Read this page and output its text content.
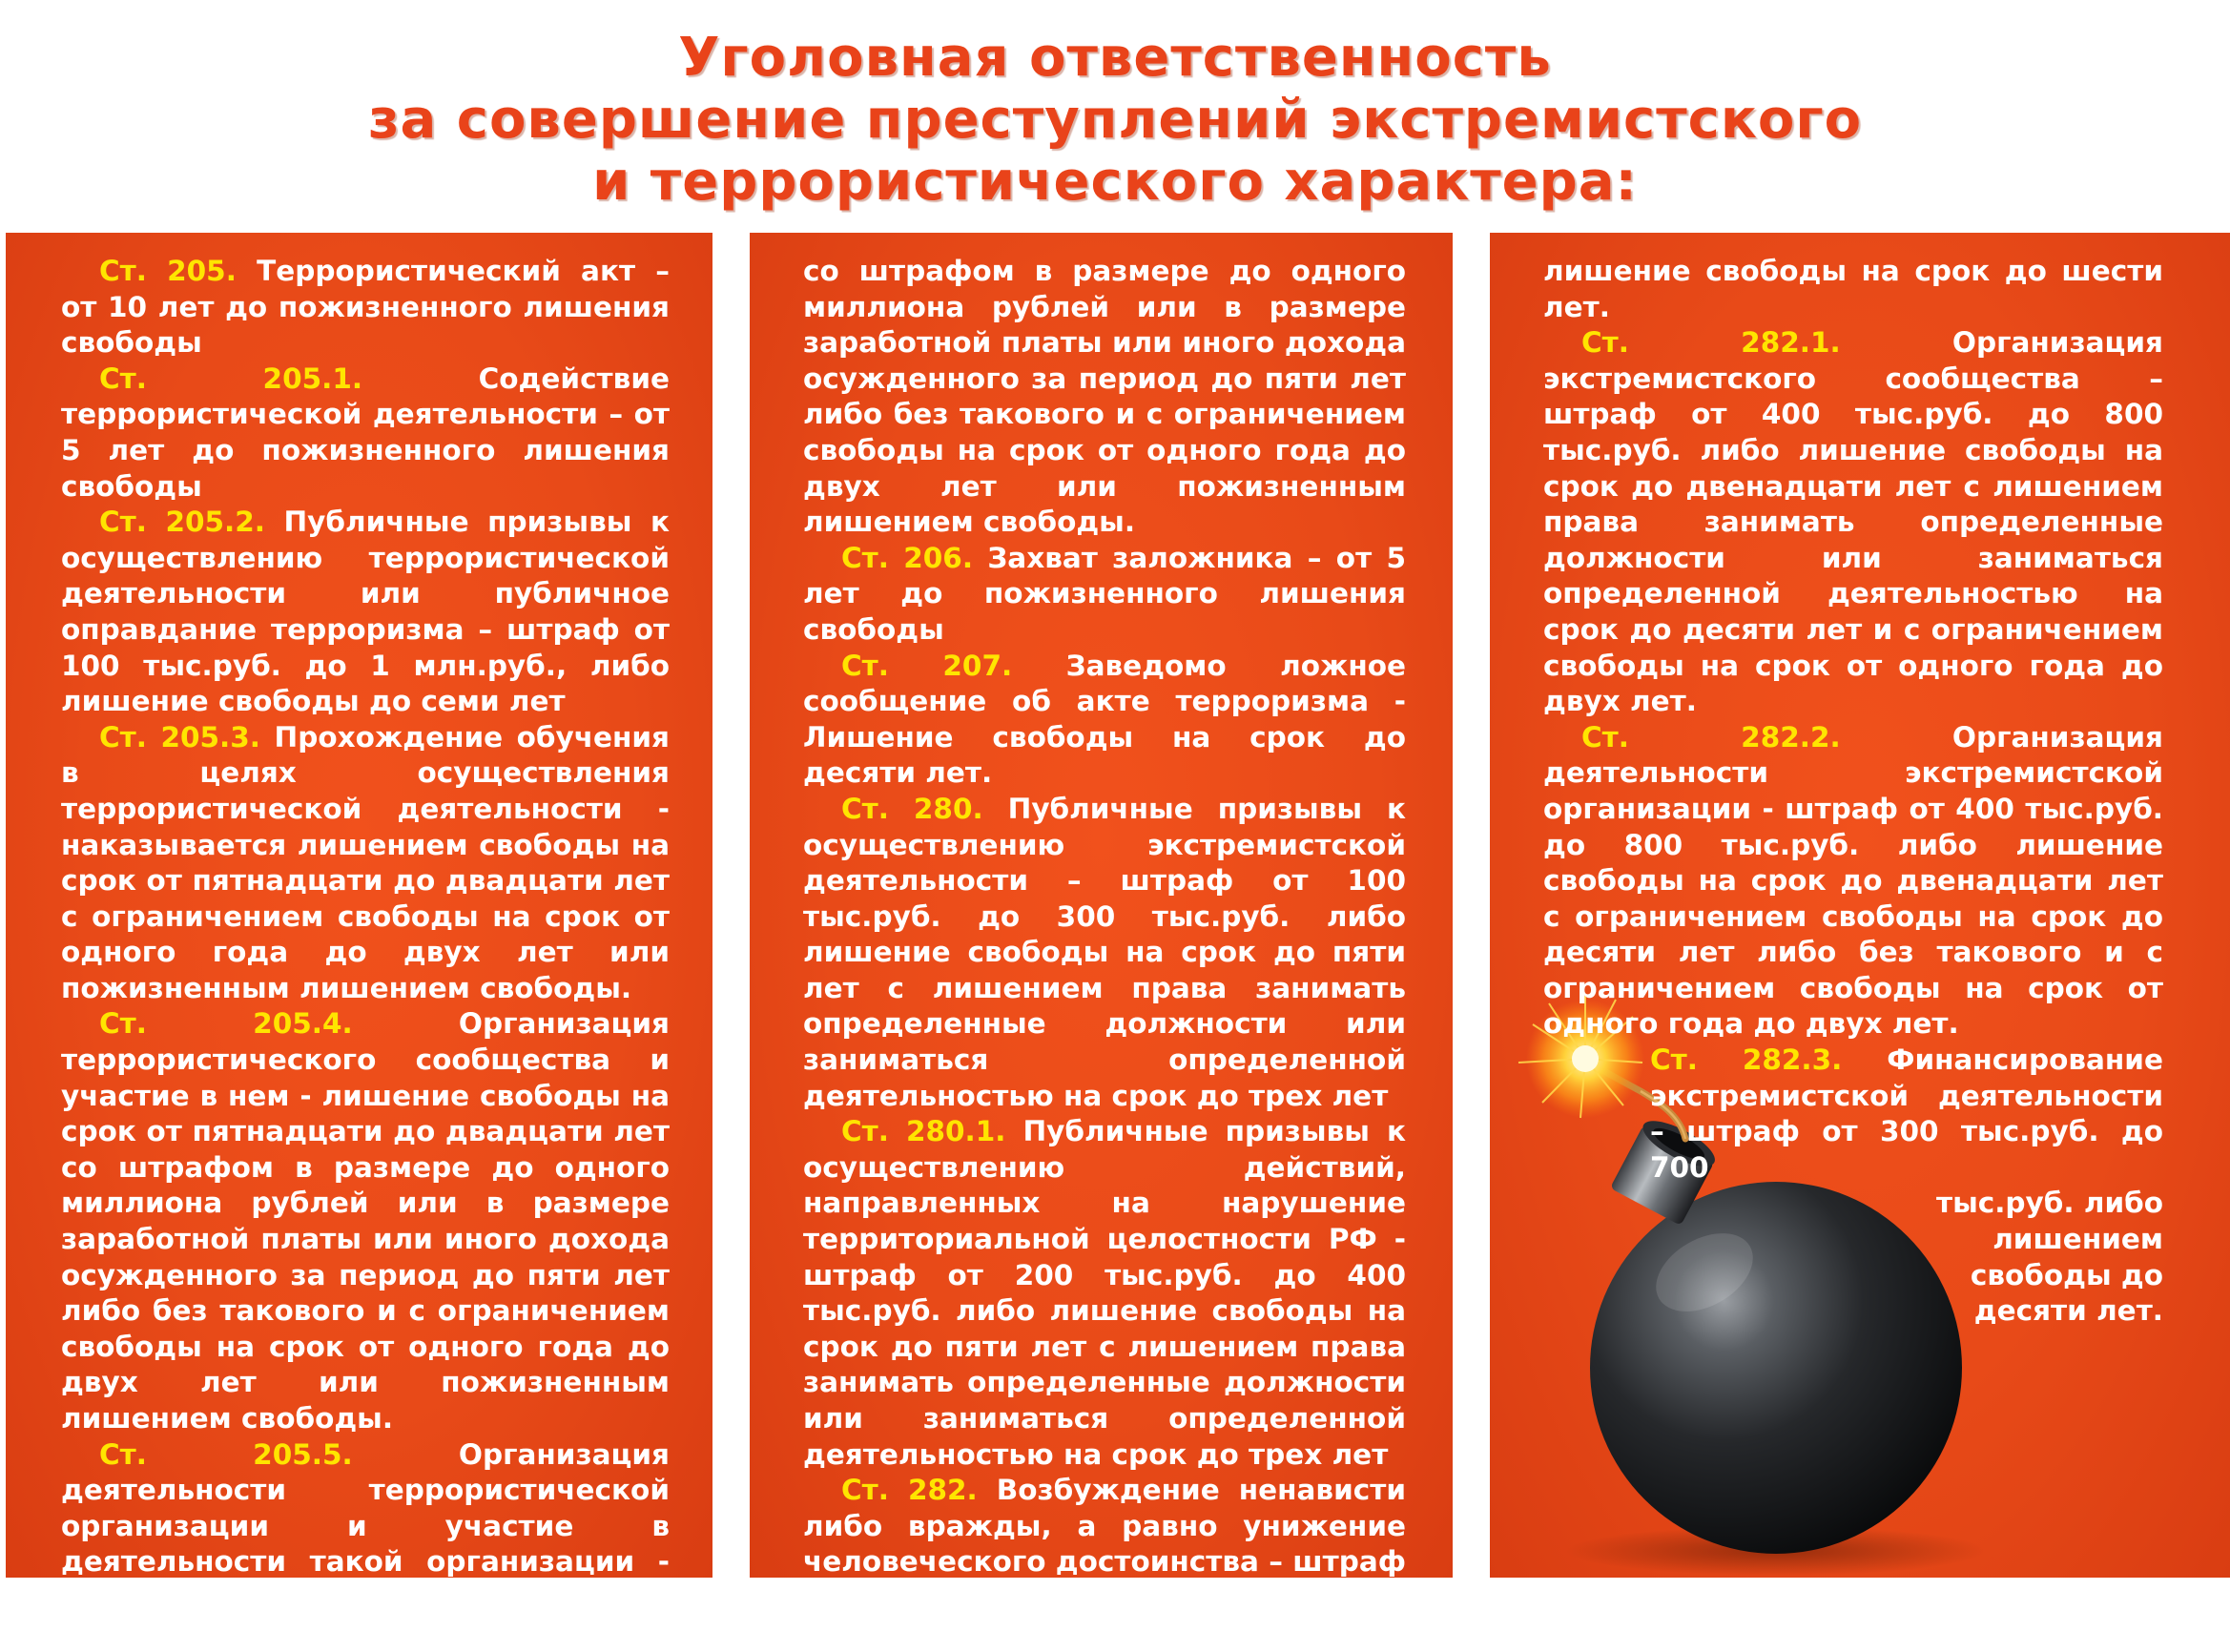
Уголовная ответственность
за совершение преступлений экстремистского
и террористического характера:

Ст. 205. Террористический акт – от 10 лет до пожизненного лишения свободы

Ст. 205.1. Содействие террористической деятельности – от 5 лет до пожизненного лишения свободы

Ст. 205.2. Публичные призывы к осуществлению террористической деятельности или публичное оправдание терроризма – штраф от 100 тыс.руб. до 1 млн.руб., либо лишение свободы до семи лет

Ст. 205.3. Прохождение обучения в целях осуществления террористической деятельности - наказывается лишением свободы на срок от пятнадцати до двадцати лет с ограничением свободы на срок от одного года до двух лет или пожизненным лишением свободы.

Ст. 205.4. Организация террористического сообщества и участие в нем - лишение свободы на срок от пятнадцати до двадцати лет со штрафом в размере до одного миллиона рублей или в размере заработной платы или иного дохода осужденного за период до пяти лет либо без такового и с ограничением свободы на срок от одного года до двух лет или пожизненным лишением свободы.

Ст. 205.5. Организация деятельности террористической организации и участие в деятельности такой организации - лишение свободы на срок от пятнадцати до двадцати лет

со штрафом в размере до одного миллиона рублей или в размере заработной платы или иного дохода осужденного за период до пяти лет либо без такового и с ограничением свободы на срок от одного года до двух лет или пожизненным лишением свободы.

Ст. 206. Захват заложника – от 5 лет до пожизненного лишения свободы

Ст. 207. Заведомо ложное сообщение об акте терроризма - Лишение свободы на срок до десяти лет.

Ст. 280. Публичные призывы к осуществлению экстремистской деятельности – штраф от 100 тыс.руб. до 300 тыс.руб. либо лишение свободы на срок до пяти лет с лишением права занимать определенные должности или заниматься определенной деятельностью на срок до трех лет

Ст. 280.1. Публичные призывы к осуществлению действий, направленных на нарушение территориальной целостности РФ - штраф от 200 тыс.руб. до 400 тыс.руб. либо лишение свободы на срок до пяти лет с лишением права занимать определенные должности или заниматься определенной деятельностью на срок до трех лет

Ст. 282. Возбуждение ненависти либо вражды, а равно унижение человеческого достоинства – штраф от 300 тыс.руб. до 500 тыс.руб. либо

лишение свободы на срок до шести лет.

Ст. 282.1. Организация экстремистского сообщества – штраф от 400 тыс.руб. до 800 тыс.руб. либо лишение свободы на срок до двенадцати лет с лишением права занимать определенные должности или заниматься определенной деятельностью на срок до десяти лет и с ограничением свободы на срок от одного года до двух лет.

Ст. 282.2. Организация деятельности экстремистской организации - штраф от 400 тыс.руб. до 800 тыс.руб. либо лишение свободы на срок до двенадцати лет с ограничением свободы на срок до десяти лет либо без такового и с ограничением свободы на срок от одного года до двух лет.

Ст. 282.3. Финансирование экстремистской деятельности – штраф от 300 тыс.руб. до 700

тыс.руб. либо лишением свободы до десяти лет.
